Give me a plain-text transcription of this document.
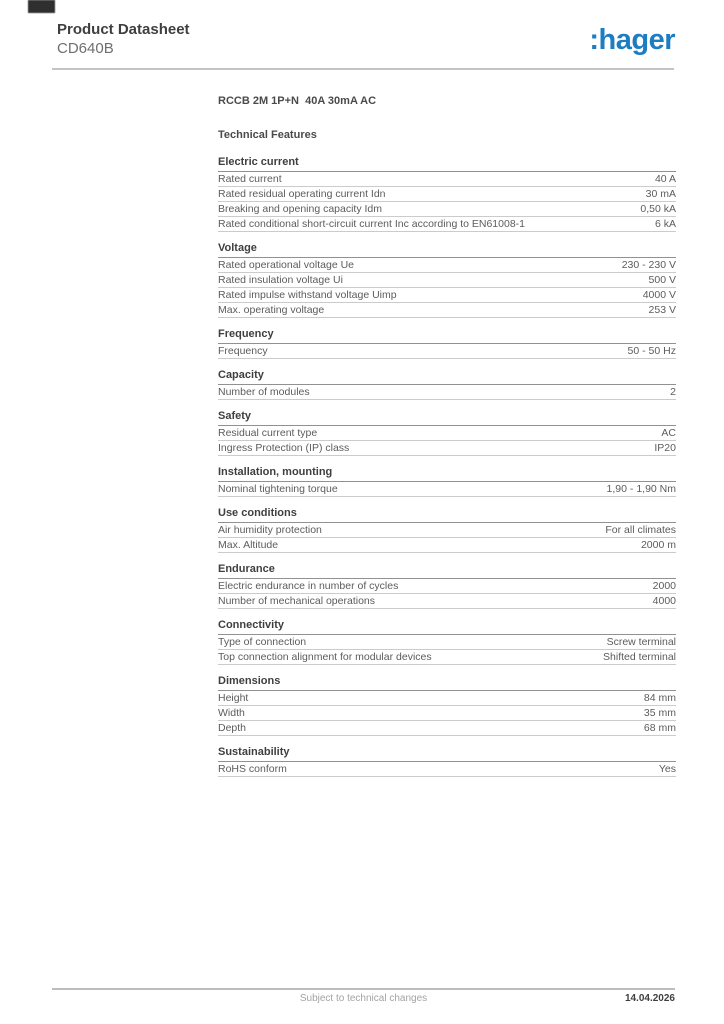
Product Datasheet
CD640B	:hager
RCCB 2M 1P+N  40A 30mA AC
Technical Features
Electric current
Rated current	40 A
Rated residual operating current Idn	30 mA
Breaking and opening capacity Idm	0,50 kA
Rated conditional short-circuit current Inc according to EN61008-1	6 kA
Voltage
Rated operational voltage Ue	230 - 230 V
Rated insulation voltage Ui	500 V
Rated impulse withstand voltage Uimp	4000 V
Max. operating voltage	253 V
Frequency
Frequency	50 - 50 Hz
Capacity
Number of modules	2
Safety
Residual current type	AC
Ingress Protection (IP) class	IP20
Installation, mounting
Nominal tightening torque	1,90 - 1,90 Nm
Use conditions
Air humidity protection	For all climates
Max. Altitude	2000 m
Endurance
Electric endurance in number of cycles	2000
Number of mechanical operations	4000
Connectivity
Type of connection	Screw terminal
Top connection alignment for modular devices	Shifted terminal
Dimensions
Height	84 mm
Width	35 mm
Depth	68 mm
Sustainability
RoHS conform	Yes
Subject to technical changes	14.04.2026
